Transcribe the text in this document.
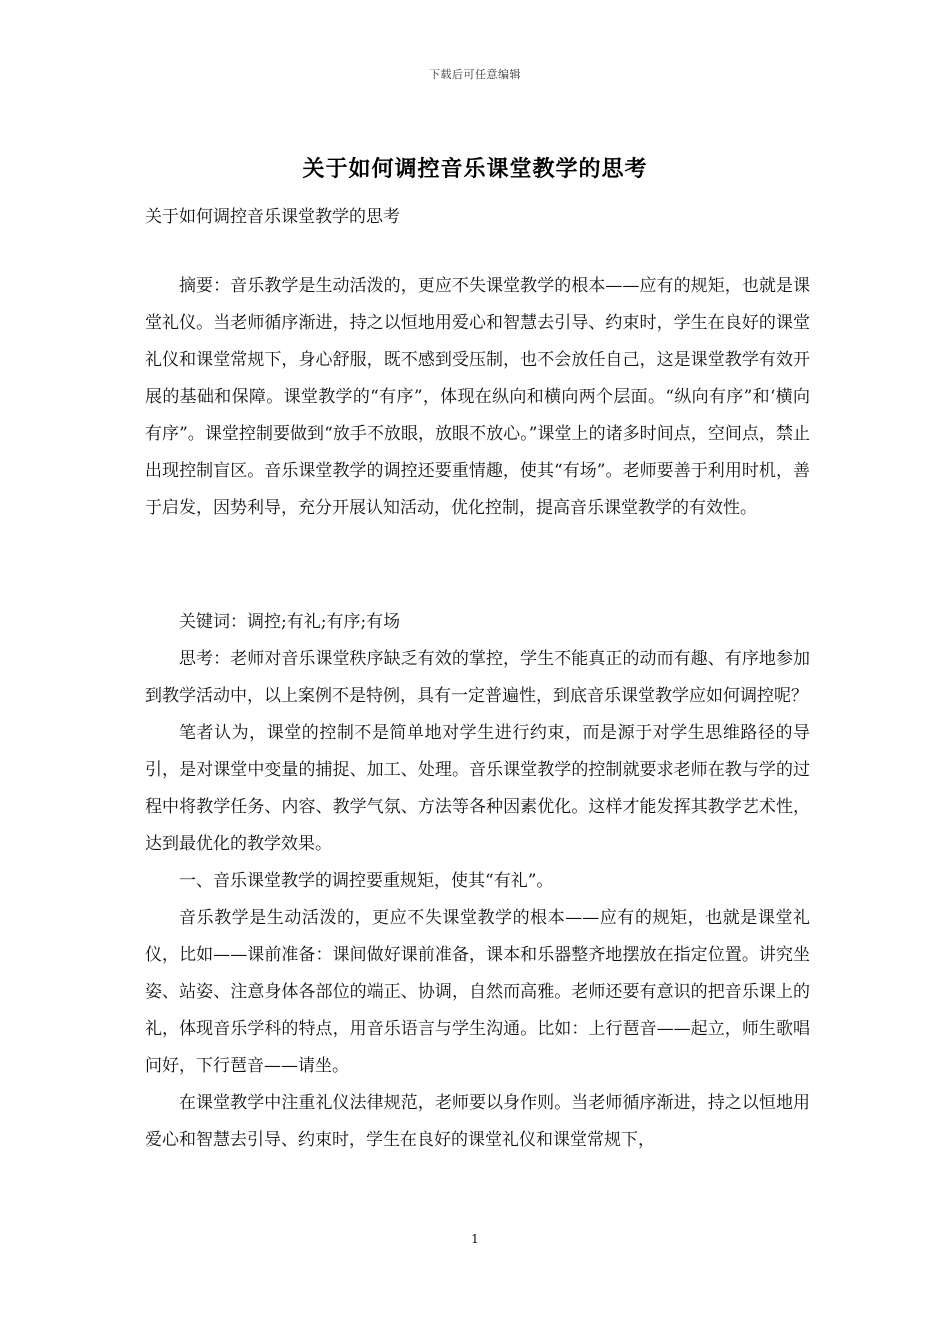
下载后可任意编辑
关于如何调控音乐课堂教学的思考
关于如何调控音乐课堂教学的思考

摘要：音乐教学是生动活泼的，更应不失课堂教学的根本——应有的规矩，也就是课堂礼仪。当老师循序渐进，持之以恒地用爱心和智慧去引导、约束时，学生在良好的课堂礼仪和课堂常规下，身心舒服，既不感到受压制，也不会放任自己，这是课堂教学有效开展的基础和保障。课堂教学的“有序”，体现在纵向和横向两个层面。“纵向有序”和‘横向有序”。课堂控制要做到“放手不放眼，放眼不放心。”课堂上的诸多时间点，空间点，禁止出现控制盲区。音乐课堂教学的调控还要重情趣，使其“有场”。老师要善于利用时机，善于启发，因势利导，充分开展认知活动，优化控制，提高音乐课堂教学的有效性。

关键词：调控;有礼;有序;有场

思考：老师对音乐课堂秩序缺乏有效的掌控，学生不能真正的动而有趣、有序地参加到教学活动中，以上案例不是特例，具有一定普遍性，到底音乐课堂教学应如何调控呢？

笔者认为，课堂的控制不是简单地对学生进行约束，而是源于对学生思维路径的导引，是对课堂中变量的捕捉、加工、处理。音乐课堂教学的控制就要求老师在教与学的过程中将教学任务、内容、教学气氛、方法等各种因素优化。这样才能发挥其教学艺术性，达到最优化的教学效果。

一、音乐课堂教学的调控要重规矩，使其“有礼”。

音乐教学是生动活泼的，更应不失课堂教学的根本——应有的规矩，也就是课堂礼仪，比如——课前准备：课间做好课前准备，课本和乐器整齐地摆放在指定位置。讲究坐姿、站姿、注意身体各部位的端正、协调，自然而高雅。老师还要有意识的把音乐课上的礼，体现音乐学科的特点，用音乐语言与学生沟通。比如：上行琶音——起立，师生歌唱问好，下行琶音——请坐。

在课堂教学中注重礼仪法律规范，老师要以身作则。当老师循序渐进，持之以恒地用爱心和智慧去引导、约束时，学生在良好的课堂礼仪和课堂常规下，

1
